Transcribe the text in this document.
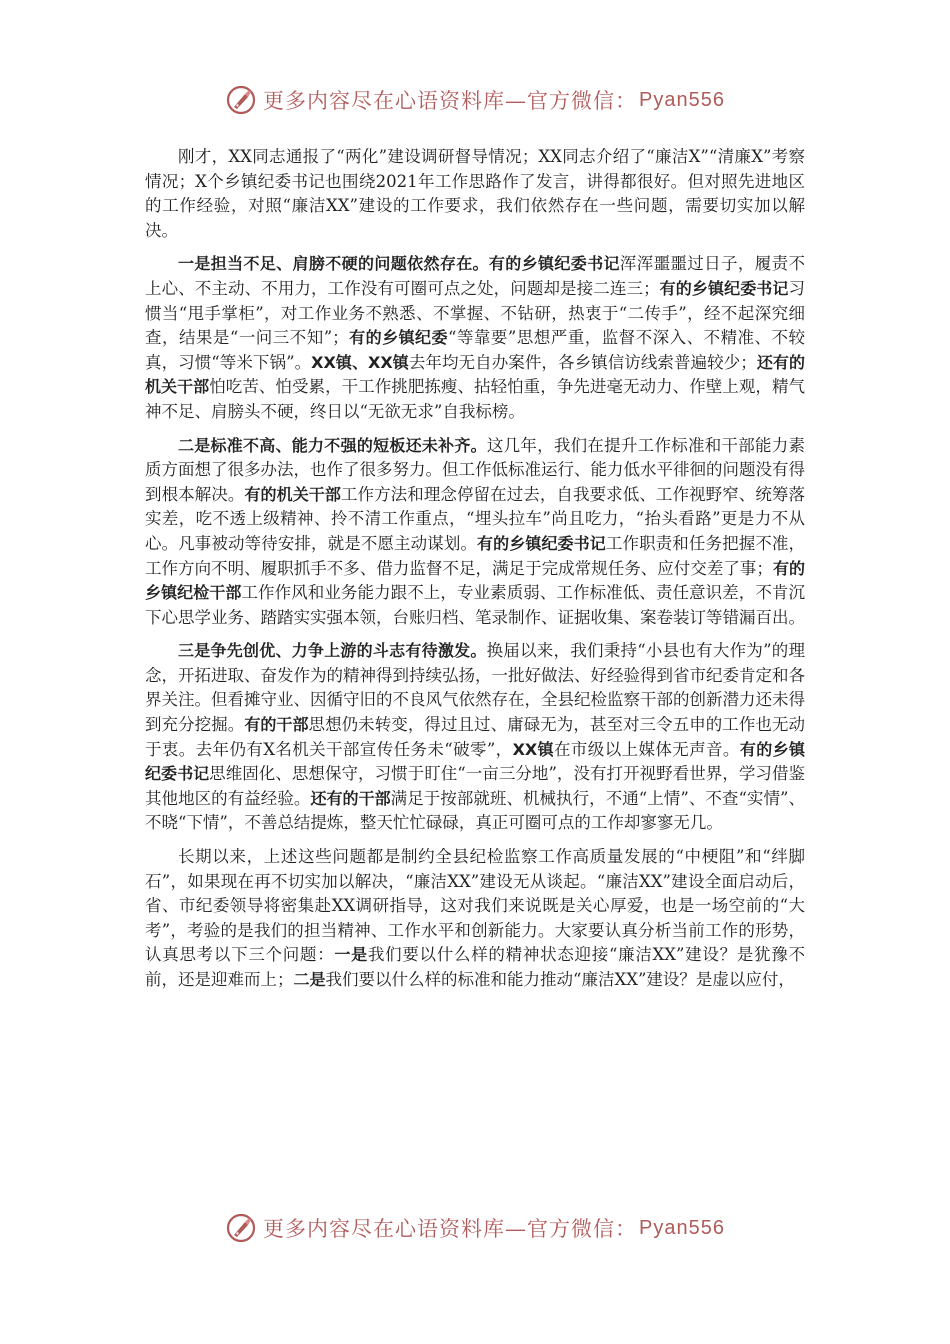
更多内容尽在心语资料库—官方微信： Pyan556

刚才，XX同志通报了“两化”建设调研督导情况；XX同志介绍了“廉洁X”“清廉X”考察情况；X个乡镇纪委书记也围绕2021年工作思路作了发言，讲得都很好。但对照先进地区的工作经验，对照“廉洁XX”建设的工作要求，我们依然存在一些问题，需要切实加以解决。

一是担当不足、肩膀不硬的问题依然存在。有的乡镇纪委书记浑浑噩噩过日子，履责不上心、不主动、不用力，工作没有可圈可点之处，问题却是接二连三；有的乡镇纪委书记习惯当“甩手掌柜”，对工作业务不熟悉、不掌握、不钻研，热衷于“二传手”，经不起深究细查，结果是“一问三不知”；有的乡镇纪委“等靠要”思想严重，监督不深入、不精准、不较真，习惯“等米下锅”。XX镇、XX镇去年均无自办案件，各乡镇信访线索普遍较少；还有的机关干部怕吃苦、怕受累，干工作挑肥拣瘦、拈轻怕重，争先进毫无动力、作壁上观，精气神不足、肩膀头不硬，终日以“无欲无求”自我标榜。

二是标准不高、能力不强的短板还未补齐。这几年，我们在提升工作标准和干部能力素质方面想了很多办法，也作了很多努力。但工作低标准运行、能力低水平徘徊的问题没有得到根本解决。有的机关干部工作方法和理念停留在过去，自我要求低、工作视野窄、统筹落实差，吃不透上级精神、拎不清工作重点，“埋头拉车”尚且吃力，“抬头看路”更是力不从心。凡事被动等待安排，就是不愿主动谋划。有的乡镇纪委书记工作职责和任务把握不准，工作方向不明、履职抓手不多、借力监督不足，满足于完成常规任务、应付交差了事；有的乡镇纪检干部工作作风和业务能力跟不上，专业素质弱、工作标准低、责任意识差，不肯沉下心思学业务、踏踏实实强本领，台账归档、笔录制作、证据收集、案卷装订等错漏百出。

三是争先创优、力争上游的斗志有待激发。换届以来，我们秉持“小县也有大作为”的理念，开拓进取、奋发作为的精神得到持续弘扬，一批好做法、好经验得到省市纪委肯定和各界关注。但看摊守业、因循守旧的不良风气依然存在，全县纪检监察干部的创新潜力还未得到充分挖掘。有的干部思想仍未转变，得过且过、庸碌无为，甚至对三令五申的工作也无动于衷。去年仍有X名机关干部宣传任务未“破零”，XX镇在市级以上媒体无声音。有的乡镇纪委书记思维固化、思想保守，习惯于盯住“一亩三分地”，没有打开视野看世界，学习借鉴其他地区的有益经验。还有的干部满足于按部就班、机械执行，不通“上情”、不查“实情”、不晓“下情”，不善总结提炼，整天忙忙碌碌，真正可圈可点的工作却寥寥无几。

长期以来，上述这些问题都是制约全县纪检监察工作高质量发展的“中梗阻”和“绊脚石”，如果现在再不切实加以解决，“廉洁XX”建设无从谈起。“廉洁XX”建设全面启动后，省、市纪委领导将密集赴XX调研指导，这对我们来说既是关心厚爱，也是一场空前的“大考”，考验的是我们的担当精神、工作水平和创新能力。大家要认真分析当前工作的形势，认真思考以下三个问题：一是我们要以什么样的精神状态迎接“廉洁XX”建设？是犹豫不前，还是迎难而上；二是我们要以什么样的标准和能力推动“廉洁XX”建设？是虚以应付，

更多内容尽在心语资料库—官方微信： Pyan556
